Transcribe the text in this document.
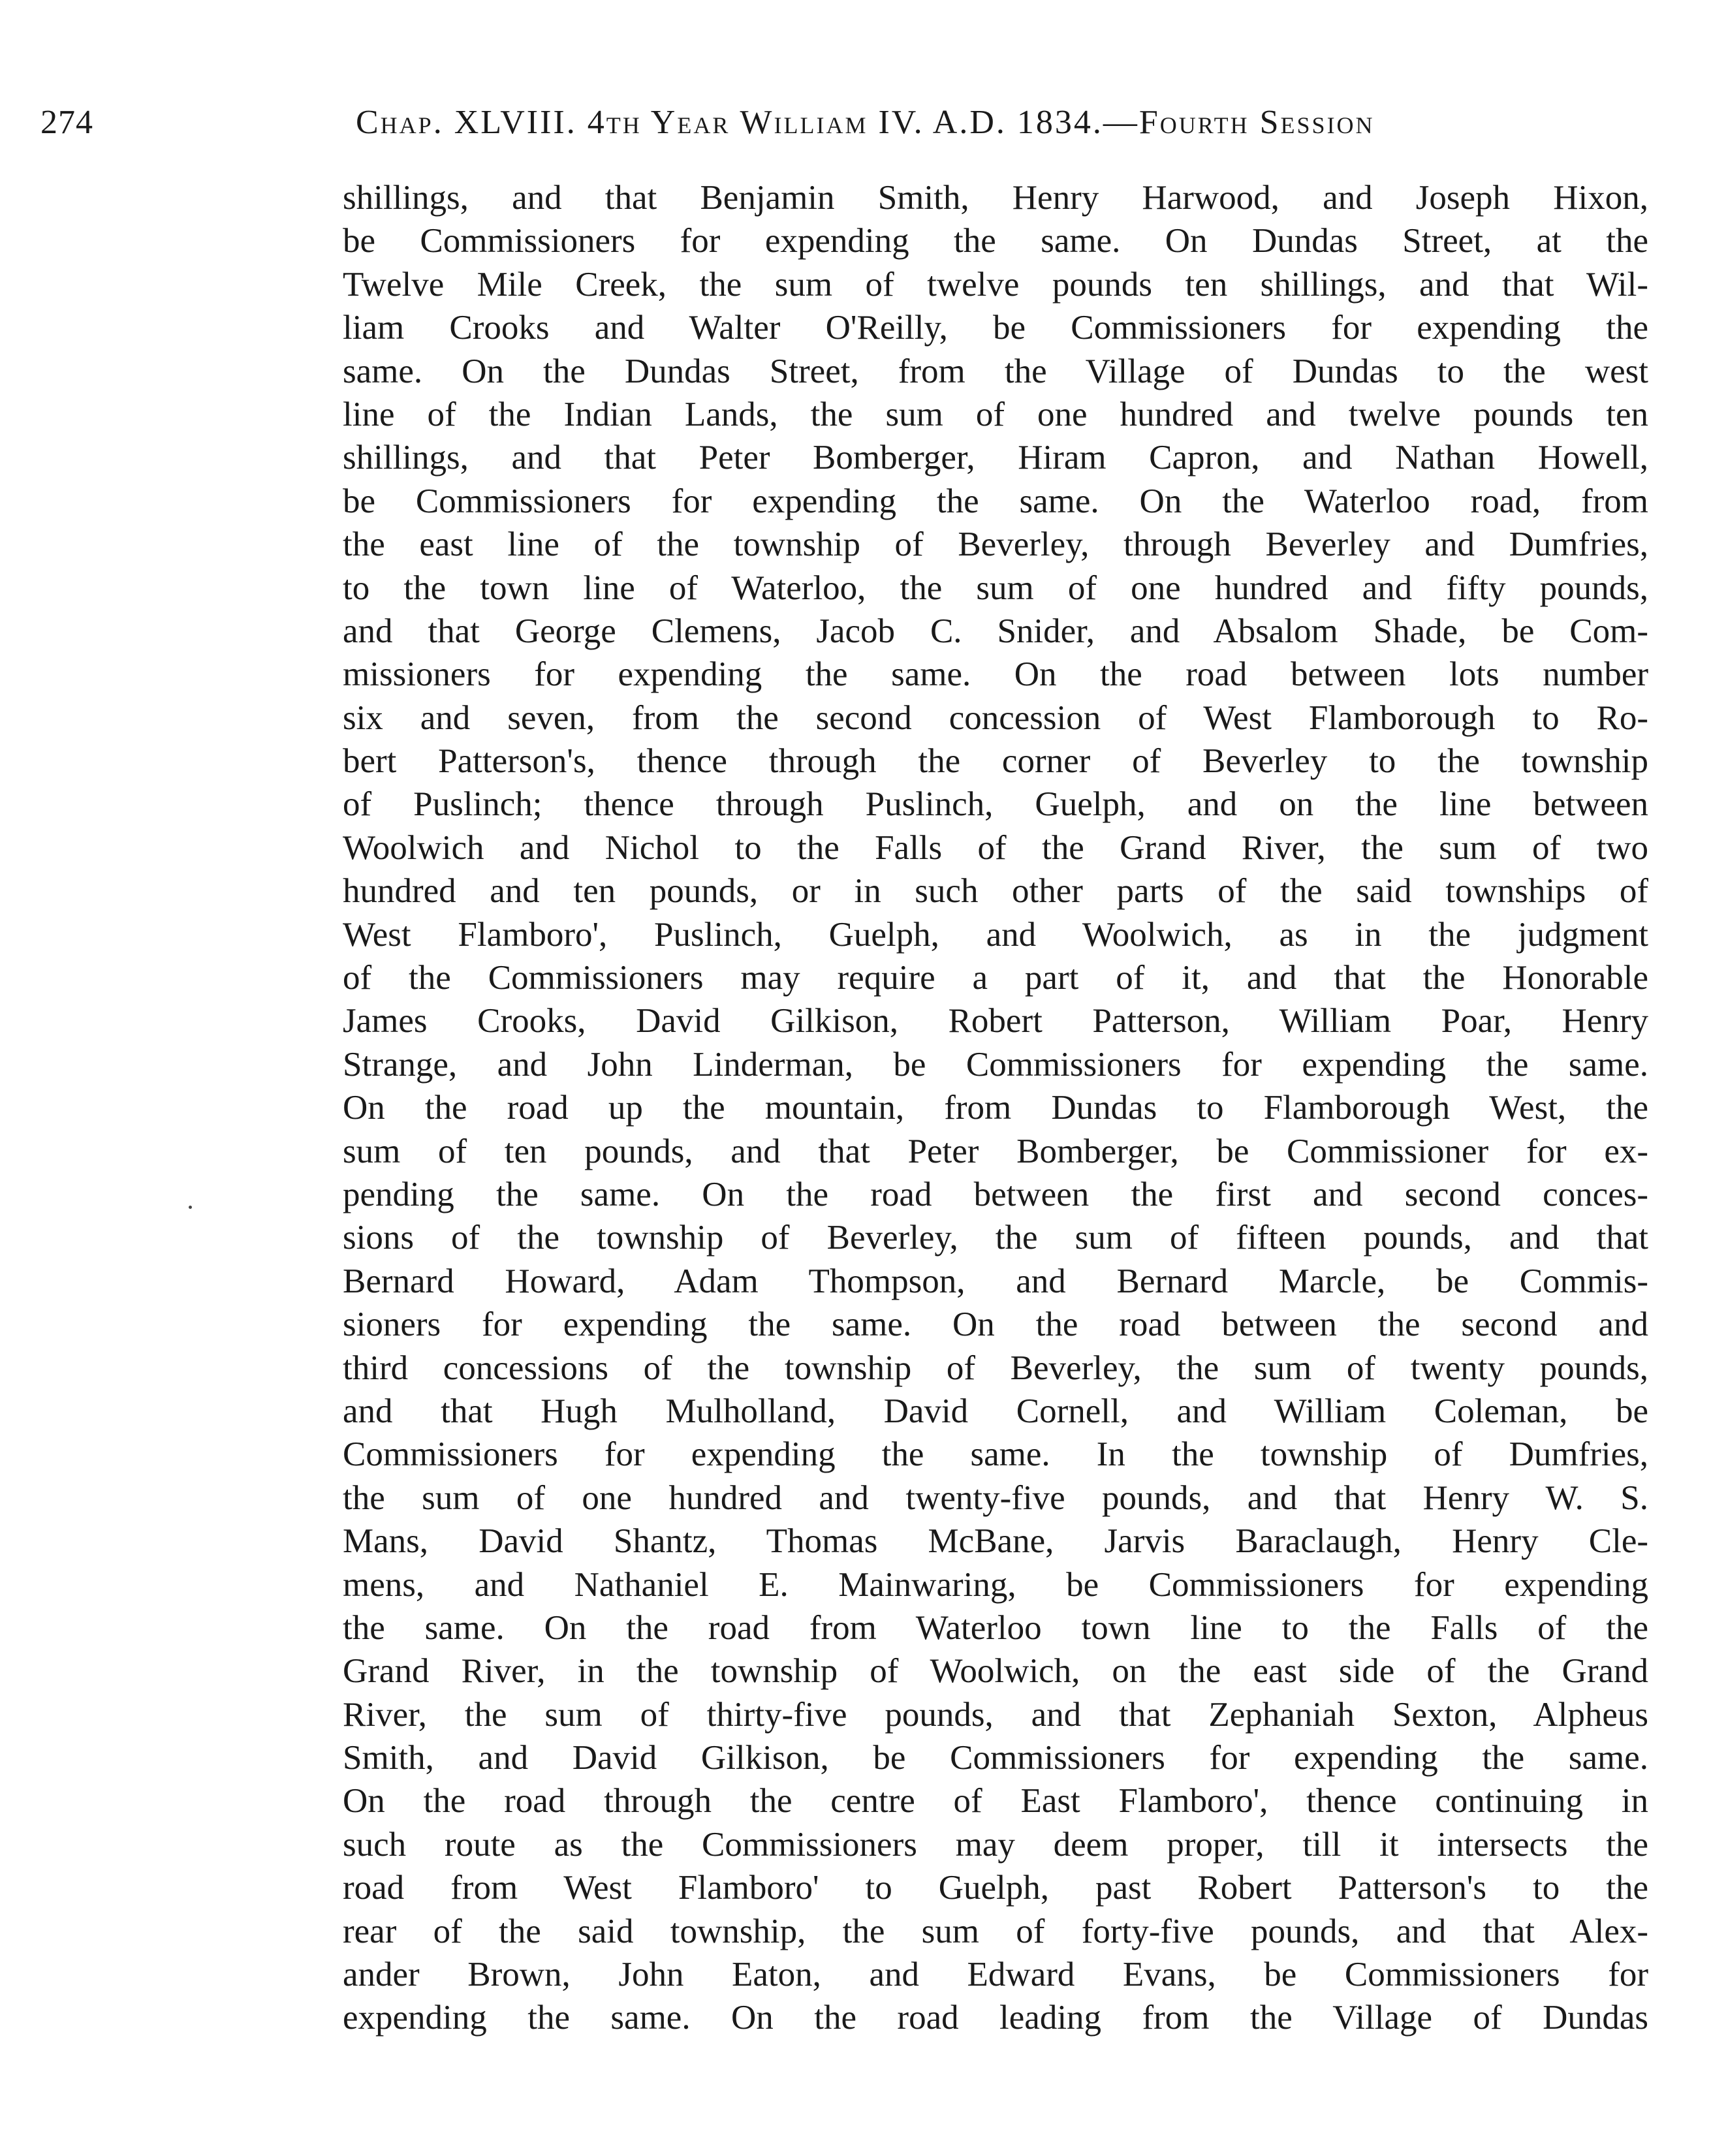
274	Chap. XLVIII. 4th Year William IV. A.D. 1834.—Fourth Session
shillings, and that Benjamin Smith, Henry Harwood, and Joseph Hixon,
be Commissioners for expending the same. On Dundas Street, at the
Twelve Mile Creek, the sum of twelve pounds ten shillings, and that Wil-
liam Crooks and Walter O'Reilly, be Commissioners for expending the
same. On the Dundas Street, from the Village of Dundas to the west
line of the Indian Lands, the sum of one hundred and twelve pounds ten
shillings, and that Peter Bomberger, Hiram Capron, and Nathan Howell,
be Commissioners for expending the same. On the Waterloo road, from
the east line of the township of Beverley, through Beverley and Dumfries,
to the town line of Waterloo, the sum of one hundred and fifty pounds,
and that George Clemens, Jacob C. Snider, and Absalom Shade, be Com-
missioners for expending the same. On the road between lots number
six and seven, from the second concession of West Flamborough to Ro-
bert Patterson's, thence through the corner of Beverley to the township
of Puslinch; thence through Puslinch, Guelph, and on the line between
Woolwich and Nichol to the Falls of the Grand River, the sum of two
hundred and ten pounds, or in such other parts of the said townships of
West Flamboro', Puslinch, Guelph, and Woolwich, as in the judgment
of the Commissioners may require a part of it, and that the Honorable
James Crooks, David Gilkison, Robert Patterson, William Poar, Henry
Strange, and John Linderman, be Commissioners for expending the same.
On the road up the mountain, from Dundas to Flamborough West, the
sum of ten pounds, and that Peter Bomberger, be Commissioner for ex-
pending the same. On the road between the first and second conces-
sions of the township of Beverley, the sum of fifteen pounds, and that
Bernard Howard, Adam Thompson, and Bernard Marcle, be Commis-
sioners for expending the same. On the road between the second and
third concessions of the township of Beverley, the sum of twenty pounds,
and that Hugh Mulholland, David Cornell, and William Coleman, be
Commissioners for expending the same. In the township of Dumfries,
the sum of one hundred and twenty-five pounds, and that Henry W. S.
Mans, David Shantz, Thomas McBane, Jarvis Baraclaugh, Henry Cle-
mens, and Nathaniel E. Mainwaring, be Commissioners for expending
the same. On the road from Waterloo town line to the Falls of the
Grand River, in the township of Woolwich, on the east side of the Grand
River, the sum of thirty-five pounds, and that Zephaniah Sexton, Alpheus
Smith, and David Gilkison, be Commissioners for expending the same.
On the road through the centre of East Flamboro', thence continuing in
such route as the Commissioners may deem proper, till it intersects the
road from West Flamboro' to Guelph, past Robert Patterson's to the
rear of the said township, the sum of forty-five pounds, and that Alex-
ander Brown, John Eaton, and Edward Evans, be Commissioners for
expending the same. On the road leading from the Village of Dundas
